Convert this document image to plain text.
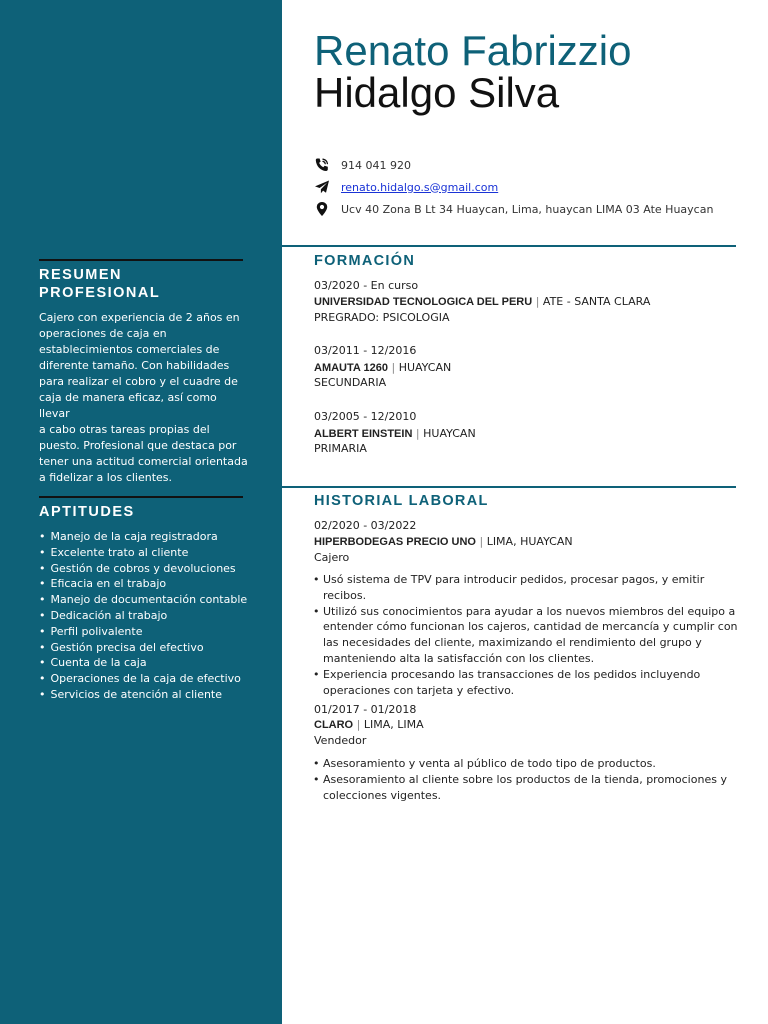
RESUMEN
PROFESIONAL
Cajero con experiencia de 2 años en
operaciones de caja en
establecimientos comerciales de
diferente tamaño. Con habilidades
para realizar el cobro y el cuadre de
caja de manera eficaz, así como llevar
a cabo otras tareas propias del
puesto. Profesional que destaca por
tener una actitud comercial orientada
a fidelizar a los clientes.
APTITUDES
• Manejo de la caja registradora
• Excelente trato al cliente
• Gestión de cobros y devoluciones
• Eficacia en el trabajo
• Manejo de documentación contable
• Dedicación al trabajo
• Perfil polivalente
• Gestión precisa del efectivo
• Cuenta de la caja
• Operaciones de la caja de efectivo
• Servicios de atención al cliente
Renato Fabrizzio
Hidalgo Silva
914 041 920
renato.hidalgo.s@gmail.com
Ucv 40 Zona B Lt 34 Huaycan, Lima, huaycan LIMA 03 Ate Huaycan
FORMACIÓN
03/2020 - En curso
UNIVERSIDAD TECNOLOGICA DEL PERU | ATE - SANTA CLARA
PREGRADO: PSICOLOGIA
03/2011 - 12/2016
AMAUTA 1260 | HUAYCAN
SECUNDARIA
03/2005 - 12/2010
ALBERT EINSTEIN | HUAYCAN
PRIMARIA
HISTORIAL LABORAL
02/2020 - 03/2022
HIPERBODEGAS PRECIO UNO | LIMA, HUAYCAN
Cajero
• Usó sistema de TPV para introducir pedidos, procesar pagos, y emitir recibos.
• Utilizó sus conocimientos para ayudar a los nuevos miembros del equipo a
entender cómo funcionan los cajeros, cantidad de mercancía y cumplir con
las necesidades del cliente, maximizando el rendimiento del grupo y
manteniendo alta la satisfacción con los clientes.
• Experiencia procesando las transacciones de los pedidos incluyendo
operaciones con tarjeta y efectivo.
01/2017 - 01/2018
CLARO | LIMA, LIMA
Vendedor
• Asesoramiento y venta al público de todo tipo de productos.
• Asesoramiento al cliente sobre los productos de la tienda, promociones y
colecciones vigentes.
